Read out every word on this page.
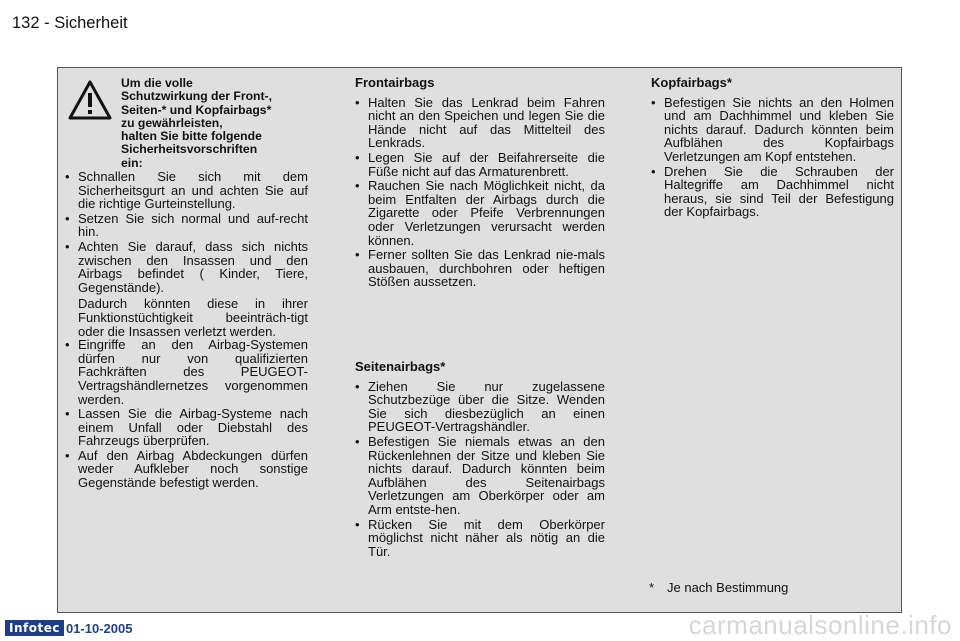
132 - Sicherheit
Um die volle
Schutzwirkung der Front-,
Seiten-* und Kopfairbags*
zu gewährleisten,
halten Sie bitte folgende
Sicherheitsvorschriften
ein:
• Schnallen Sie sich mit dem Sicherheitsgurt an und achten Sie auf die richtige Gurteinstellung.
• Setzen Sie sich normal und auf-recht hin.
• Achten Sie darauf, dass sich nichts zwischen den Insassen und den Airbags befindet ( Kinder, Tiere, Gegenstände).
Dadurch könnten diese in ihrer Funktionstüchtigkeit beeinträch-tigt oder die Insassen verletzt werden.
• Eingriffe an den Airbag-Systemen dürfen nur von qualifizierten Fachkräften des PEUGEOT-Vertragshändlernetzes vorgenommen werden.
• Lassen Sie die Airbag-Systeme nach einem Unfall oder Diebstahl des Fahrzeugs überprüfen.
• Auf den Airbag Abdeckungen dürfen weder Aufkleber noch sonstige Gegenstände befestigt werden.
Frontairbags
• Halten Sie das Lenkrad beim Fahren nicht an den Speichen und legen Sie die Hände nicht auf das Mittelteil des Lenkrads.
• Legen Sie auf der Beifahrerseite die Füße nicht auf das Armaturenbrett.
• Rauchen Sie nach Möglichkeit nicht, da beim Entfalten der Airbags durch die Zigarette oder Pfeife Verbrennungen oder Verletzungen verursacht werden können.
• Ferner sollten Sie das Lenkrad nie-mals ausbauen, durchbohren oder heftigen Stößen aussetzen.
Seitenairbags*
• Ziehen Sie nur zugelassene Schutzbezüge über die Sitze. Wenden Sie sich diesbezüglich an einen PEUGEOT-Vertragshändler.
• Befestigen Sie niemals etwas an den Rückenlehnen der Sitze und kleben Sie nichts darauf. Dadurch könnten beim Aufblähen des Seitenairbags Verletzungen am Oberkörper oder am Arm entste-hen.
• Rücken Sie mit dem Oberkörper möglichst nicht näher als nötig an die Tür.
Kopfairbags*
• Befestigen Sie nichts an den Holmen und am Dachhimmel und kleben Sie nichts darauf. Dadurch könnten beim Aufblähen des Kopfairbags Verletzungen am Kopf entstehen.
• Drehen Sie die Schrauben der Haltegriffe am Dachhimmel nicht heraus, sie sind Teil der Befestigung der Kopfairbags.
* Je nach Bestimmung
Infotec 01-10-2005	carmanualsonline.info
